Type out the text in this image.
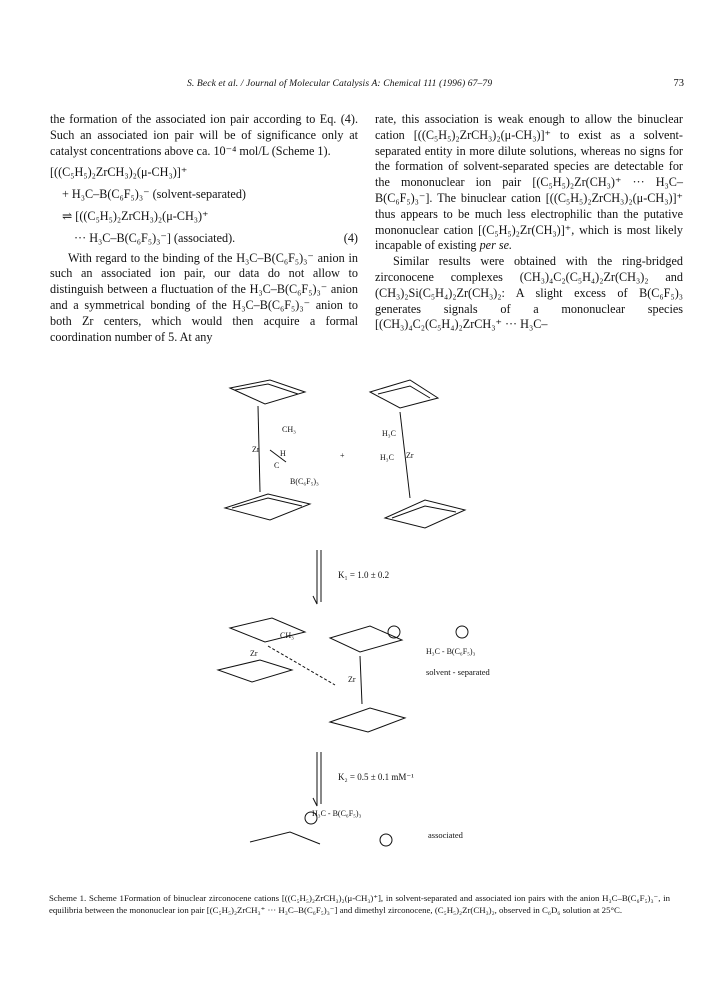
S. Beck et al. / Journal of Molecular Catalysis A: Chemical 111 (1996) 67–79	73

the formation of the associated ion pair according to Eq. (4). Such an associated ion pair will be of significance only at catalyst concentrations above ca. 10⁻⁴ mol/L (Scheme 1).

[((C₅H₅)₂ZrCH₃)₂(μ-CH₃)]⁺
+ H₃C–B(C₆F₅)₃⁻ (solvent-separated)
⇌ [((C₅H₅)₂ZrCH₃)₂(μ-CH₃)⁺
··· H₃C–B(C₆F₅)₃⁻] (associated).	(4)

With regard to the binding of the H₃C–B(C₆F₅)₃⁻ anion in such an associated ion pair, our data do not allow to distinguish between a fluctuation of the H₃C–B(C₆F₅)₃⁻ anion and a symmetrical bonding of the H₃C–B(C₆F₅)₃⁻ anion to both Zr centers, which would then acquire a formal coordination number of 5. At any

rate, this association is weak enough to allow the binuclear cation [((C₅H₅)₂ZrCH₃)₂(μ-CH₃)]⁺ to exist as a solvent-separated entity in more dilute solutions, whereas no signs for the formation of solvent-separated species are detectable for the mononuclear ion pair [(C₅H₅)₂Zr(CH₃)⁺ ··· H₃C–B(C₆F₅)₃⁻]. The binuclear cation [((C₅H₅)₂ZrCH₃)₂(μ-CH₃)]⁺ thus appears to be much less electrophilic than the putative mononuclear cation [(C₅H₅)₂Zr(CH₃)]⁺, which is most likely incapable of existing per se.

Similar results were obtained with the ring-bridged zirconocene complexes (CH₃)₄C₂(C₅H₄)₂Zr(CH₃)₂ and (CH₃)₂Si(C₅H₄)₂Zr(CH₃)₂: A slight excess of B(C₆F₅)₃ generates signals of a mononuclear species [(CH₃)₄C₂(C₅H₄)₂ZrCH₃⁺ ··· H₃C–

Zr
CH₃
H
C
B(C₆F₅)₃
+
H₃C
H₃C Zr
K₁ = 1.0 ± 0.2
Zr
CH₃
Zr
H₃C - B(C₆F₅)₃
solvent - separated
K₂ = 0.5 ± 0.1 mM⁻¹
H₃C - B(C₆F₅)₃
associated

Scheme 1. Scheme 1Formation of binuclear zirconocene cations [((C₅H₅)₂ZrCH₃)₂(μ-CH₃)⁺], in solvent-separated and associated ion pairs with the anion H₃C–B(C₆F₅)₃⁻, in equilibria between the mononuclear ion pair [(C₅H₅)₂ZrCH₃⁺ ··· H₃C–B(C₆F₅)₃⁻] and dimethyl zirconocene, (C₅H₅)₂Zr(CH₃)₂, observed in C₆D₆ solution at 25°C.
